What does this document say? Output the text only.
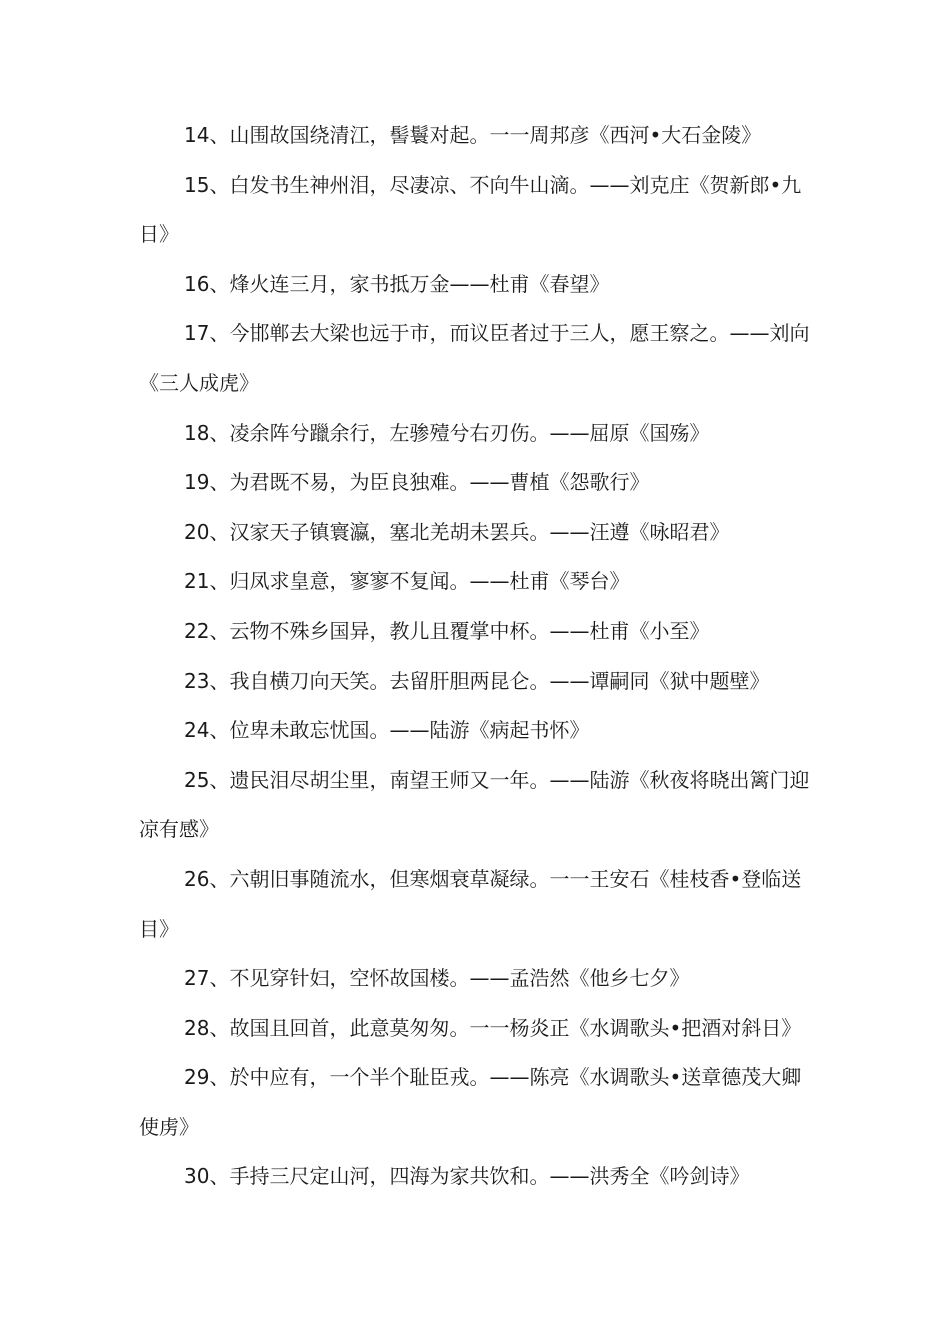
14、山围故国绕清江，髻鬟对起。一一周邦彦《西河•大石金陵》
15、白发书生神州泪，尽凄凉、不向牛山滴。——刘克庄《贺新郎•九日》
16、烽火连三月，家书抵万金——杜甫《春望》
17、今邯郸去大梁也远于市，而议臣者过于三人，愿王察之。——刘向《三人成虎》
18、凌余阵兮躐余行，左骖殪兮右刃伤。——屈原《国殇》
19、为君既不易，为臣良独难。——曹植《怨歌行》
20、汉家天子镇寰瀛，塞北羌胡未罢兵。——汪遵《咏昭君》
21、归凤求皇意，寥寥不复闻。——杜甫《琴台》
22、云物不殊乡国异，教儿且覆掌中杯。——杜甫《小至》
23、我自横刀向天笑。去留肝胆两昆仑。——谭嗣同《狱中题壁》
24、位卑未敢忘忧国。——陆游《病起书怀》
25、遗民泪尽胡尘里，南望王师又一年。——陆游《秋夜将晓出篱门迎凉有感》
26、六朝旧事随流水，但寒烟衰草凝绿。一一王安石《桂枝香•登临送目》
27、不见穿针妇，空怀故国楼。——孟浩然《他乡七夕》
28、故国且回首，此意莫匆匆。一一杨炎正《水调歌头•把酒对斜日》
29、於中应有，一个半个耻臣戎。——陈亮《水调歌头•送章德茂大卿使虏》
30、手持三尺定山河，四海为家共饮和。——洪秀全《吟剑诗》
